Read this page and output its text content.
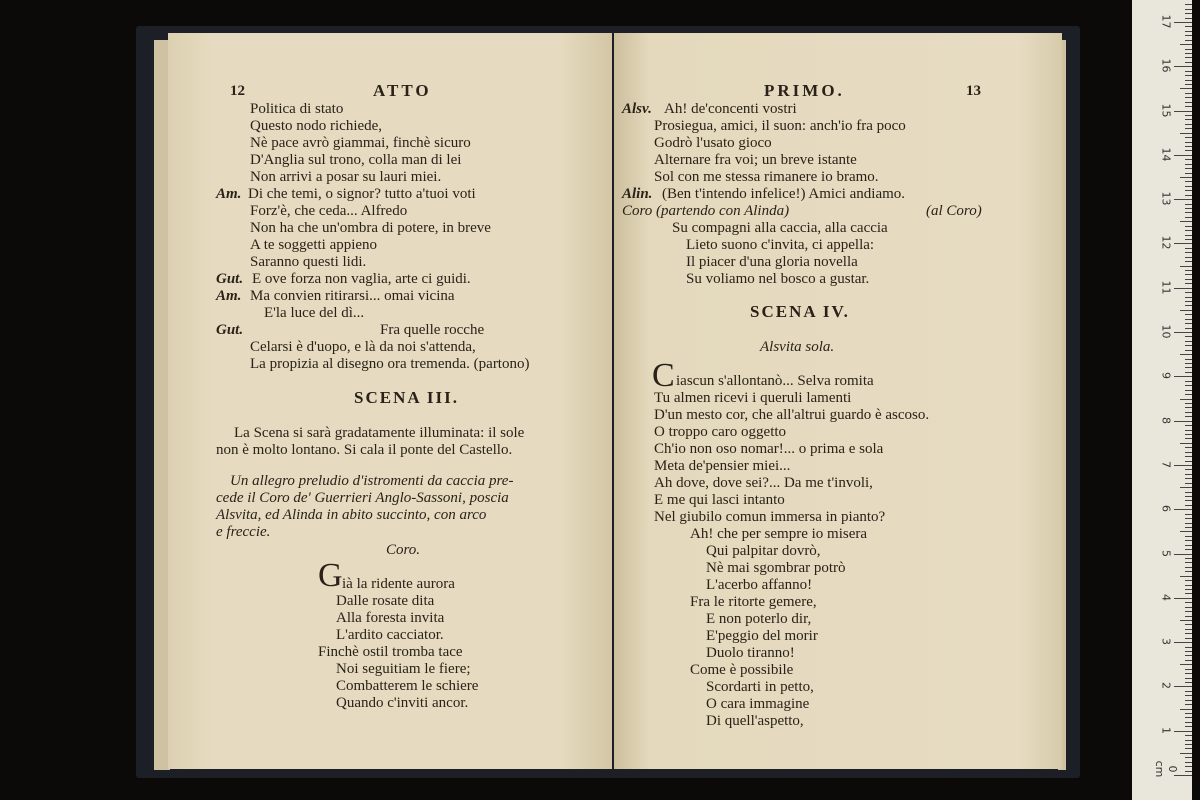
12	ATTO
Politica di stato
Questo nodo richiede,
Nè pace avrò giammai, finchè sicuro
D'Anglia sul trono, colla man di lei
Non arrivi a posar su lauri miei.
Am. Di che temi, o signor? tutto a'tuoi voti
Forz'è, che ceda... Alfredo
Non ha che un'ombra di potere, in breve
A te soggetti appieno
Saranno questi lidi.
Gut. E ove forza non vaglia, arte ci guidi.
Am. Ma convien ritirarsi... omai vicina
E'la luce del dì...
Gut.	Fra quelle rocche
Celarsi è d'uopo, e là da noi s'attenda,
La propizia al disegno ora tremenda. (partono)
SCENA III.
La Scena si sarà gradatamente illuminata: il sole
non è molto lontano. Si cala il ponte del Castello.
Un allegro preludio d'istromenti da caccia pre-
cede il Coro de' Guerrieri Anglo-Sassoni, poscia
Alsvita, ed Alinda in abito succinto, con arco
e freccie.
Coro.
G ià la ridente aurora
Dalle rosate dita
Alla foresta invita
L'ardito cacciator.
Finchè ostil tromba tace
Noi seguitiam le fiere;
Combatterem le schiere
Quando c'inviti ancor.
PRIMO.	13
Alsv. Ah! de'concenti vostri
Prosiegua, amici, il suon: anch'io fra poco
Godrò l'usato gioco
Alternare fra voi; un breve istante
Sol con me stessa rimanere io bramo.
Alin. (Ben t'intendo infelice!) Amici andiamo.
Coro (partendo con Alinda)	(al Coro)
Su compagni alla caccia, alla caccia
Lieto suono c'invita, ci appella:
Il piacer d'una gloria novella
Su voliamo nel bosco a gustar.
SCENA IV.
Alsvita sola.
C iascun s'allontanò... Selva romita
Tu almen ricevi i queruli lamenti
D'un mesto cor, che all'altrui guardo è ascoso.
O troppo caro oggetto
Ch'io non oso nomar!... o prima e sola
Meta de'pensier miei...
Ah dove, dove sei?... Da me t'involi,
E me qui lasci intanto
Nel giubilo comun immersa in pianto?
Ah! che per sempre io misera
Qui palpitar dovrò,
Nè mai sgombrar potrò
L'acerbo affanno!
Fra le ritorte gemere,
E non poterlo dir,
E'peggio del morir
Duolo tiranno!
Come è possibile
Scordarti in petto,
O cara immagine
Di quell'aspetto,
0 cm
1
2
3
4
5
6
7
8
9
10
11
12
13
14
15
16
17
